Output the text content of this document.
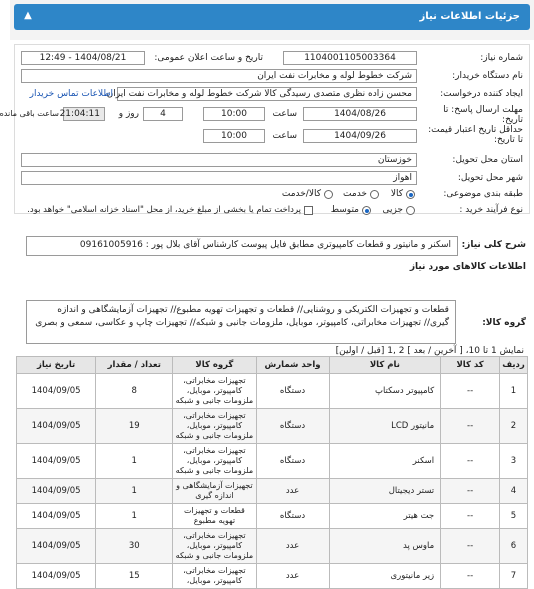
جزئیات اطلاعات نیاز
▲
شماره نیاز:
1104001105003364
تاریخ و ساعت اعلان عمومی:
1404/08/21 - 12:49
نام دستگاه خریدار:
شرکت خطوط لوله و مخابرات نفت ایران
ایجاد کننده درخواست:
محسن زاده نظری متصدی رسیدگی کالا شرکت خطوط لوله و مخابرات نفت ایران
اطلاعات تماس خریدار
مهلت ارسال پاسخ: تا تاریخ:
1404/08/26
ساعت
10:00
4
روز و
21:04:11
ساعت باقی مانده
حداقل تاریخ اعتبار قیمت: تا تاریخ:
1404/09/26
ساعت
10:00
استان محل تحویل:
خوزستان
شهر محل تحویل:
اهواز
طبقه بندی موضوعی:
کالا
خدمت
کالا/خدمت
نوع فرآیند خرید :
جزیی
متوسط
پرداخت تمام یا بخشی از مبلغ خرید، از محل "اسناد خزانه اسلامی" خواهد بود.
شرح کلی نیاز:
اسکنر و مانیتور و قطعات کامپیوتری مطابق فایل پیوست کارشناس آقای بلال پور : 09161005916
اطلاعات کالاهای مورد نیاز
گروه کالا:
قطعات و تجهیزات الکتریکی و روشنایی// قطعات و تجهیزات تهویه مطبوع// تجهیزات آزمایشگاهی و اندازه گیری// تجهیزات مخابراتی، کامپیوتر، موبایل، ملزومات جانبی و شبکه// تجهیزات چاپ و عکاسی، سمعی و بصری
نمایش 1 تا 10، [ آخرین / بعد ] 2 ,1 [قبل / اولین]
ردیف	کد کالا	نام کالا	واحد شمارش	گروه کالا	تعداد / مقدار	تاریخ نیاز
1	--	کامپیوتر دسکتاپ	دستگاه	تجهیزات مخابراتی، کامپیوتر، موبایل، ملزومات جانبی و شبکه	8	1404/09/05
2	--	مانیتور LCD	دستگاه	تجهیزات مخابراتی، کامپیوتر، موبایل، ملزومات جانبی و شبکه	19	1404/09/05
3	--	اسکنر	دستگاه	تجهیزات مخابراتی، کامپیوتر، موبایل، ملزومات جانبی و شبکه	1	1404/09/05
4	--	تستر دیجیتال	عدد	تجهیزات آزمایشگاهی و اندازه گیری	1	1404/09/05
5	--	جت هیتر	دستگاه	قطعات و تجهیزات تهویه مطبوع	1	1404/09/05
6	--	ماوس پد	عدد	تجهیزات مخابراتی، کامپیوتر، موبایل، ملزومات جانبی و شبکه	30	1404/09/05
7	--	زیر مانیتوری	عدد	تجهیزات مخابراتی، کامپیوتر، موبایل،	15	1404/09/05
